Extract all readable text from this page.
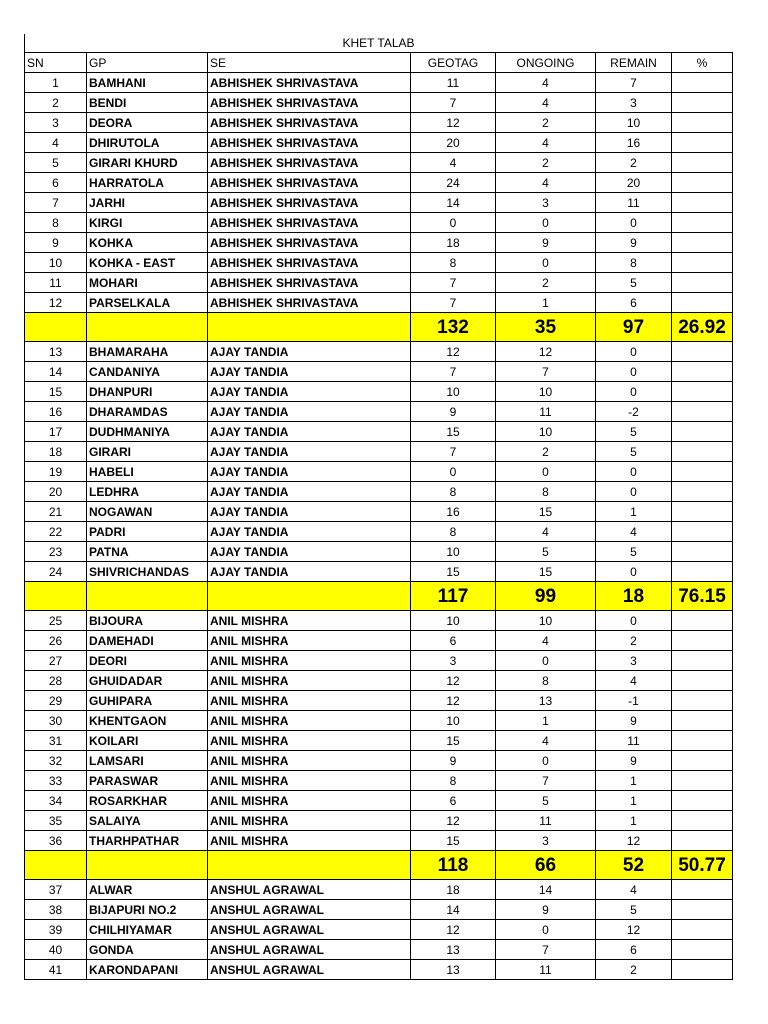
KHET TALAB
SN	GP	SE	GEOTAG	ONGOING	REMAIN	%
1	BAMHANI	ABHISHEK SHRIVASTAVA	11	4	7	
2	BENDI	ABHISHEK SHRIVASTAVA	7	4	3	
3	DEORA	ABHISHEK SHRIVASTAVA	12	2	10	
4	DHIRUTOLA	ABHISHEK SHRIVASTAVA	20	4	16	
5	GIRARI KHURD	ABHISHEK SHRIVASTAVA	4	2	2	
6	HARRATOLA	ABHISHEK SHRIVASTAVA	24	4	20	
7	JARHI	ABHISHEK SHRIVASTAVA	14	3	11	
8	KIRGI	ABHISHEK SHRIVASTAVA	0	0	0	
9	KOHKA	ABHISHEK SHRIVASTAVA	18	9	9	
10	KOHKA - EAST	ABHISHEK SHRIVASTAVA	8	0	8	
11	MOHARI	ABHISHEK SHRIVASTAVA	7	2	5	
12	PARSELKALA	ABHISHEK SHRIVASTAVA	7	1	6	
			132	35	97	26.92
13	BHAMARAHA	AJAY TANDIA	12	12	0	
14	CANDANIYA	AJAY TANDIA	7	7	0	
15	DHANPURI	AJAY TANDIA	10	10	0	
16	DHARAMDAS	AJAY TANDIA	9	11	-2	
17	DUDHMANIYA	AJAY TANDIA	15	10	5	
18	GIRARI	AJAY TANDIA	7	2	5	
19	HABELI	AJAY TANDIA	0	0	0	
20	LEDHRA	AJAY TANDIA	8	8	0	
21	NOGAWAN	AJAY TANDIA	16	15	1	
22	PADRI	AJAY TANDIA	8	4	4	
23	PATNA	AJAY TANDIA	10	5	5	
24	SHIVRICHANDAS	AJAY TANDIA	15	15	0	
			117	99	18	76.15
25	BIJOURA	ANIL MISHRA	10	10	0	
26	DAMEHADI	ANIL MISHRA	6	4	2	
27	DEORI	ANIL MISHRA	3	0	3	
28	GHUIDADAR	ANIL MISHRA	12	8	4	
29	GUHIPARA	ANIL MISHRA	12	13	-1	
30	KHENTGAON	ANIL MISHRA	10	1	9	
31	KOILARI	ANIL MISHRA	15	4	11	
32	LAMSARI	ANIL MISHRA	9	0	9	
33	PARASWAR	ANIL MISHRA	8	7	1	
34	ROSARKHAR	ANIL MISHRA	6	5	1	
35	SALAIYA	ANIL MISHRA	12	11	1	
36	THARHPATHAR	ANIL MISHRA	15	3	12	
			118	66	52	50.77
37	ALWAR	ANSHUL AGRAWAL	18	14	4	
38	BIJAPURI NO.2	ANSHUL AGRAWAL	14	9	5	
39	CHILHIYAMAR	ANSHUL AGRAWAL	12	0	12	
40	GONDA	ANSHUL AGRAWAL	13	7	6	
41	KARONDAPANI	ANSHUL AGRAWAL	13	11	2	
